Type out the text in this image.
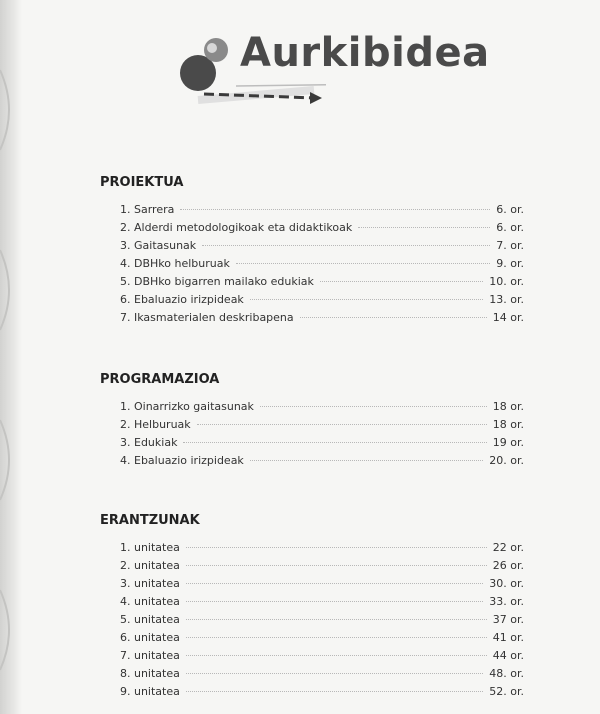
Aurkibidea
PROIEKTUA
1. Sarrera	6. or.
2. Alderdi metodologikoak eta didaktikoak	6. or.
3. Gaitasunak	7. or.
4. DBHko helburuak	9. or.
5. DBHko bigarren mailako edukiak	10. or.
6. Ebaluazio irizpideak	13. or.
7. Ikasmaterialen deskribapena	14 or.
PROGRAMAZIOA
1. Oinarrizko gaitasunak	18 or.
2. Helburuak	18 or.
3. Edukiak	19 or.
4. Ebaluazio irizpideak	20. or.
ERANTZUNAK
1. unitatea	22 or.
2. unitatea	26 or.
3. unitatea	30. or.
4. unitatea	33. or.
5. unitatea	37 or.
6. unitatea	41 or.
7. unitatea	44 or.
8. unitatea	48. or.
9. unitatea	52. or.
